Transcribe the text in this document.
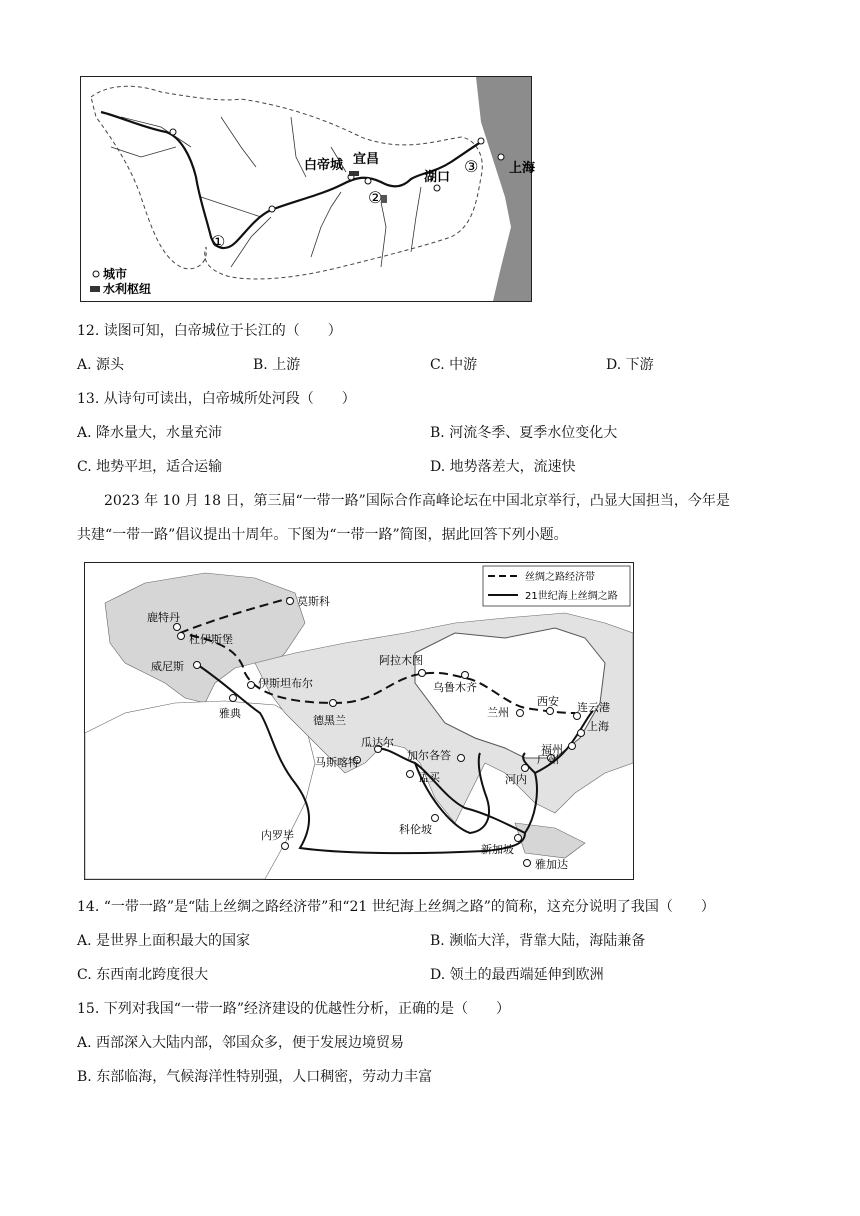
白帝城 宜昌
湖口
上海
①
②
③
城市
水利枢纽
12. 读图可知，白帝城位于长江的（　　）
A. 源头	B. 上游	C. 中游	D. 下游
13. 从诗句可读出，白帝城所处河段（　　）
A. 降水量大，水量充沛	B. 河流冬季、夏季水位变化大
C. 地势平坦，适合运输	D. 地势落差大，流速快
2023 年 10 月 18 日，第三届“一带一路”国际合作高峰论坛在中国北京举行，凸显大国担当，今年是
共建“一带一路”倡议提出十周年。下图为“一带一路”简图，据此回答下列小题。
丝绸之路经济带
21世纪海上丝绸之路
莫斯科
鹿特丹
杜伊斯堡
威尼斯
伊斯坦布尔
雅典
德黑兰
阿拉木图
乌鲁木齐
兰州
西安 连云港
上海
福州
广州
河内
瓜达尔
马斯喀特
加尔各答
孟买
科伦坡
内罗毕
新加坡
雅加达
14. “一带一路”是“陆上丝绸之路经济带”和“21 世纪海上丝绸之路”的简称，这充分说明了我国（　　）
A. 是世界上面积最大的国家	B. 濒临大洋，背靠大陆，海陆兼备
C. 东西南北跨度很大	D. 领土的最西端延伸到欧洲
15. 下列对我国“一带一路”经济建设的优越性分析，正确的是（　　）
A. 西部深入大陆内部，邻国众多，便于发展边境贸易
B. 东部临海，气候海洋性特别强，人口稠密，劳动力丰富
